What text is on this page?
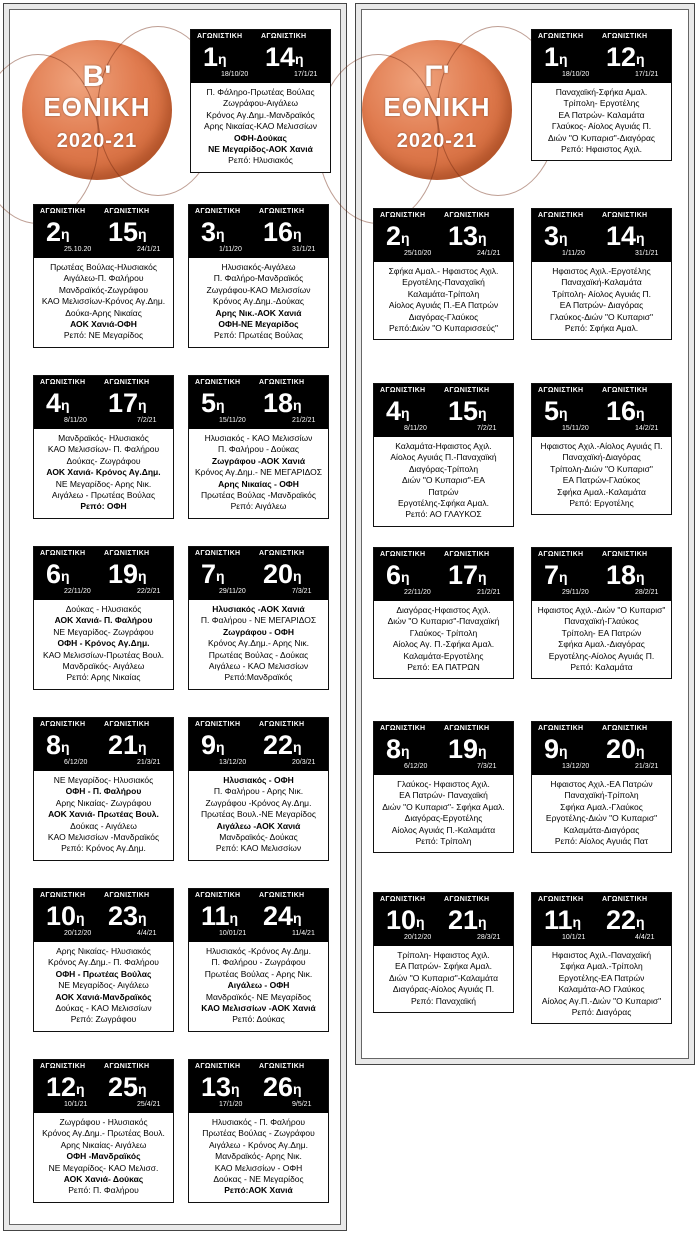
Β'
ΕΘΝΙΚΗ
2020-21
Γ'
ΕΘΝΙΚΗ
2020-21
ΑΓΩΝΙΣΤΙΚΗ	ΑΓΩΝΙΣΤΙΚΗ
$1^\eta$ $14^\eta$
18/10/20	17/1/21
Π. Φάληρο-Πρωτέας Βούλας
Ζωγράφου-Αιγάλεω
Κρόνος Αγ.Δημ.-Μανδραϊκός
Αρης Νικαίας-ΚΑΟ Μελισσίων
ΟΦΗ-Δούκας
ΝΕ Μεγαρίδος-ΑΟΚ Χανιά
Ρεπό: Ηλυσιακός
ΑΓΩΝΙΣΤΙΚΗ	ΑΓΩΝΙΣΤΙΚΗ
$2^\eta$ $15^\eta$
25.10.20	24/1/21
Πρωτέας Βούλας-Ηλυσιακός
Αιγάλεω-Π. Φαλήρου
Μανδραϊκός-Ζωγράφου
ΚΑΟ Μελισσίων-Κρόνος Αγ.Δημ.
Δούκα-Αρης Νικαίας
ΑΟΚ Χανιά-ΟΦΗ
Ρεπό: ΝΕ Μεγαρίδος
ΑΓΩΝΙΣΤΙΚΗ	ΑΓΩΝΙΣΤΙΚΗ
$3^\eta$ $16^\eta$
1/11/20	31/1/21
Ηλυσιακός-Αιγάλεω
Π. Φαλήρο-Μανδραϊκός
Ζωγράφου-ΚΑΟ Μελισσίων
Κρόνος Αγ.Δημ.-Δούκας
Αρης Νικ.-ΑΟΚ Χανιά
ΟΦΗ-ΝΕ Μεγαρίδος
Ρεπό: Πρωτέας Βούλας
ΑΓΩΝΙΣΤΙΚΗ	ΑΓΩΝΙΣΤΙΚΗ
$4^\eta$ $17^\eta$
8/11/20	7/2/21
Μανδραϊκός- Ηλυσιακός
ΚΑΟ Μελισσίων- Π. Φαλήρου
Δούκας- Ζωγράφου
ΑΟΚ Χανιά- Κρόνος Αγ.Δημ.
ΝΕ Μεγαρίδος- Αρης Νικ.
Αιγάλεω - Πρωτέας Βούλας
Ρεπό: ΟΦΗ
ΑΓΩΝΙΣΤΙΚΗ	ΑΓΩΝΙΣΤΙΚΗ
$5^\eta$ $18^\eta$
15/11/20	21/2/21
Ηλυσιακός - ΚΑΟ Μελισσίων
Π. Φαλήρου - Δούκας
Ζωγράφου -ΑΟΚ Χανιά
Κρόνος Αγ.Δημ.- ΝΕ ΜΕΓΑΡΙΔΟΣ
Αρης Νικαίας - ΟΦΗ
Πρωτέας Βούλας -Μανδραϊκός
Ρεπό: Αιγάλεω
ΑΓΩΝΙΣΤΙΚΗ	ΑΓΩΝΙΣΤΙΚΗ
$6^\eta$ $19^\eta$
22/11/20	22/2/21
Δούκας - Ηλυσιακός
ΑΟΚ Χανιά- Π. Φαλήρου
ΝΕ Μεγαρίδος- Ζωγράφου
ΟΦΗ - Κρόνος Αγ.Δημ.
ΚΑΟ Μελισσίων-Πρωτέας Βουλ.
Μανδραϊκός- Αιγάλεω
Ρεπό: Αρης Νικαίας
ΑΓΩΝΙΣΤΙΚΗ	ΑΓΩΝΙΣΤΙΚΗ
$7^\eta$ $20^\eta$
29/11/20	7/3/21
Ηλυσιακός -ΑΟΚ Χανιά
Π. Φαλήρου - ΝΕ ΜΕΓΑΡΙΔΟΣ
Ζωγράφου - ΟΦΗ
Κρόνος Αγ.Δημ.- Αρης Νικ.
Πρωτέας Βούλας - Δούκας
Αιγάλεω - ΚΑΟ Μελισσίων
Ρεπό:Μανδραϊκός
ΑΓΩΝΙΣΤΙΚΗ	ΑΓΩΝΙΣΤΙΚΗ
$8^\eta$ $21^\eta$
6/12/20	21/3/21
ΝΕ Μεγαρίδος- Ηλυσιακός
ΟΦΗ - Π. Φαλήρου
Αρης Νικαίας- Ζωγράφου
ΑΟΚ Χανιά- Πρωτέας Βουλ.
Δούκας - Αιγάλεω
ΚΑΟ Μελισσίων -Μανδραϊκός
Ρεπό: Κρόνος Αγ.Δημ.
ΑΓΩΝΙΣΤΙΚΗ	ΑΓΩΝΙΣΤΙΚΗ
$9^\eta$ $22^\eta$
13/12/20	20/3/21
Ηλυσιακός - ΟΦΗ
Π. Φαλήρου - Αρης Νικ.
Ζωγράφου -Κρόνος Αγ.Δημ.
Πρωτέας Βουλ.-ΝΕ Μεγαρίδος
Αιγάλεω -ΑΟΚ Χανιά
Μανδραϊκός- Δούκας
Ρεπό: ΚΑΟ Μελισσίων
ΑΓΩΝΙΣΤΙΚΗ	ΑΓΩΝΙΣΤΙΚΗ
$10^\eta$ $23^\eta$
20/12/20	4/4/21
Αρης Νικαίας- Ηλυσιακός
Κρόνος Αγ.Δημ.- Π. Φαλήρου
ΟΦΗ - Πρωτέας Βούλας
ΝΕ Μεγαρίδος- Αιγάλεω
ΑΟΚ Χανιά-Μανδραϊκός
Δούκας - ΚΑΟ Μελισσίων
Ρεπό: Ζωγράφου
ΑΓΩΝΙΣΤΙΚΗ	ΑΓΩΝΙΣΤΙΚΗ
$11^\eta$ $24^\eta$
10/01/21	11/4/21
Ηλυσιακός -Κρόνος Αγ.Δημ.
Π. Φαλήρου - Ζωγράφου
Πρωτέας Βούλας - Αρης Νικ.
Αιγάλεω - ΟΦΗ
Μανδραϊκός- ΝΕ Μεγαρίδος
ΚΑΟ Μελισσίων -ΑΟΚ Χανιά
Ρεπό: Δούκας
ΑΓΩΝΙΣΤΙΚΗ	ΑΓΩΝΙΣΤΙΚΗ
$12^\eta$ $25^\eta$
10/1/21	25/4/21
Ζωγράφου - Ηλυσιακός
Κρόνος Αγ.Δημ.- Πρωτέας Βουλ.
Αρης Νικαίας- Αιγάλεω
ΟΦΗ -Μανδραϊκός
ΝΕ Μεγαρίδος- ΚΑΟ Μελισσ.
ΑΟΚ Χανιά- Δούκας
Ρεπό: Π. Φαλήρου
ΑΓΩΝΙΣΤΙΚΗ	ΑΓΩΝΙΣΤΙΚΗ
$13^\eta$ $26^\eta$
17/1/20	9/5/21
Ηλυσιακός - Π. Φαλήρου
Πρωτέας Βούλας - Ζωγράφου
Αιγάλεω - Κρόνος Αγ.Δημ.
Μανδραϊκός- Αρης Νικ.
ΚΑΟ Μελισσίων - ΟΦΗ
Δούκας - ΝΕ Μεγαρίδος
Ρεπό:ΑΟΚ Χανιά
ΑΓΩΝΙΣΤΙΚΗ	ΑΓΩΝΙΣΤΙΚΗ
$1^\eta$ $12^\eta$
18/10/20	17/1/21
Παναχαϊκή-Σφήκα Αμαλ.
Τρίπολη- Εργοτέλης
ΕΑ Πατρών- Καλαμάτα
Γλαύκος- Αίολος Αγυιάς Π.
Διών "Ο Κυπαρισ"-Διαγόρας
Ρεπό: Ηφαιστος Αχιλ.
ΑΓΩΝΙΣΤΙΚΗ	ΑΓΩΝΙΣΤΙΚΗ
$2^\eta$ $13^\eta$
25/10/20	24/1/21
Σφήκα Αμαλ.- Ηφαιστος Αχιλ.
Εργοτέλης-Παναχαϊκή
Καλαμάτα-Τρίπολη
Αίολος Αγυιάς Π.-ΕΑ Πατρών
Διαγόρας-Γλαύκος
Ρεπό:Διών "Ο Κυπαρισσεύς"
ΑΓΩΝΙΣΤΙΚΗ	ΑΓΩΝΙΣΤΙΚΗ
$3^\eta$ $14^\eta$
1/11/20	31/1/21
Ηφαιστος Αχιλ.-Εργοτέλης
Παναχαϊκή-Καλαμάτα
Τρίπολη- Αίολος Αγυιάς Π.
ΕΑ Πατρών- Διαγόρας
Γλαύκος-Διών "Ο Κυπαρισ"
Ρεπό: Σφήκα Αμαλ.
ΑΓΩΝΙΣΤΙΚΗ	ΑΓΩΝΙΣΤΙΚΗ
$4^\eta$ $15^\eta$
8/11/20	7/2/21
Καλαμάτα-Ηφαιστος Αχιλ.
Αίολος Αγυιάς Π.-Παναχαϊκή
Διαγόρας-Τρίπολη
Διών "Ο Κυπαρισ"-ΕΑ
Πατρών
Εργοτέλης-Σφήκα Αμαλ.
Ρεπό: ΑΟ ΓΛΑΥΚΟΣ
ΑΓΩΝΙΣΤΙΚΗ	ΑΓΩΝΙΣΤΙΚΗ
$5^\eta$ $16^\eta$
15/11/20	14/2/21
Ηφαιστος Αχιλ.-Αίολος Αγυιάς Π.
Παναχαϊκή-Διαγόρας
Τρίπολη-Διών "Ο Κυπαρισ"
ΕΑ Πατρών-Γλαύκος
Σφήκα Αμαλ.-Καλαμάτα
Ρεπό: Εργοτέλης
ΑΓΩΝΙΣΤΙΚΗ	ΑΓΩΝΙΣΤΙΚΗ
$6^\eta$ $17^\eta$
22/11/20	21/2/21
Διαγόρας-Ηφαιστος Αχιλ.
Διών "Ο Κυπαρισ"-Παναχαϊκή
Γλαύκος- Τρίπολη
Αίολος Αγ. Π.-Σφήκα Αμαλ.
Καλαμάτα-Εργοτέλης
Ρεπό: ΕΑ ΠΑΤΡΩΝ
ΑΓΩΝΙΣΤΙΚΗ	ΑΓΩΝΙΣΤΙΚΗ
$7^\eta$ $18^\eta$
29/11/20	28/2/21
Ηφαιστος Αχιλ.-Διών "Ο Κυπαρισ"
Παναχαϊκή-Γλαύκος
Τρίπολη- ΕΑ Πατρών
Σφήκα Αμαλ.-Διαγόρας
Εργοτέλης-Αίολος Αγυιάς Π.
Ρεπό: Καλαμάτα
ΑΓΩΝΙΣΤΙΚΗ	ΑΓΩΝΙΣΤΙΚΗ
$8^\eta$ $19^\eta$
6/12/20	7/3/21
Γλαύκος- Ηφαιστος Αχιλ.
ΕΑ Πατρών- Παναχαϊκή
Διών "Ο Κυπαρισ"- Σφήκα Αμαλ.
Διαγόρας-Εργοτέλης
Αίολος Αγυιάς Π.-Καλαμάτα
Ρεπό: Τρίπολη
ΑΓΩΝΙΣΤΙΚΗ	ΑΓΩΝΙΣΤΙΚΗ
$9^\eta$ $20^\eta$
13/12/20	21/3/21
Ηφαιστος Αχιλ.-ΕΑ Πατρών
Παναχαϊκή-Τρίπολη
Σφήκα Αμαλ.-Γλαύκος
Εργοτέλης-Διών "Ο Κυπαρισ"
Καλαμάτα-Διαγόρας
Ρεπό: Αίολος Αγυιάς Πατ
ΑΓΩΝΙΣΤΙΚΗ	ΑΓΩΝΙΣΤΙΚΗ
$10^\eta$ $21^\eta$
20/12/20	28/3/21
Τρίπολη- Ηφαιστος Αχιλ.
ΕΑ Πατρών- Σφήκα Αμαλ.
Διών "Ο Κυπαρισ"-Καλαμάτα
Διαγόρας-Αίολος Αγυιάς Π.
Ρεπό: Παναχαϊκή
ΑΓΩΝΙΣΤΙΚΗ	ΑΓΩΝΙΣΤΙΚΗ
$11^\eta$ $22^\eta$
10/1/21	4/4/21
Ηφαιστος Αχιλ.-Παναχαϊκή
Σφήκα Αμαλ.-Τρίπολη
Εργοτέλης-ΕΑ Πατρών
Καλαμάτα-ΑΟ Γλαύκος
Αίολος Αγ.Π.-Διών "Ο Κυπαρισ"
Ρεπό: Διαγόρας
